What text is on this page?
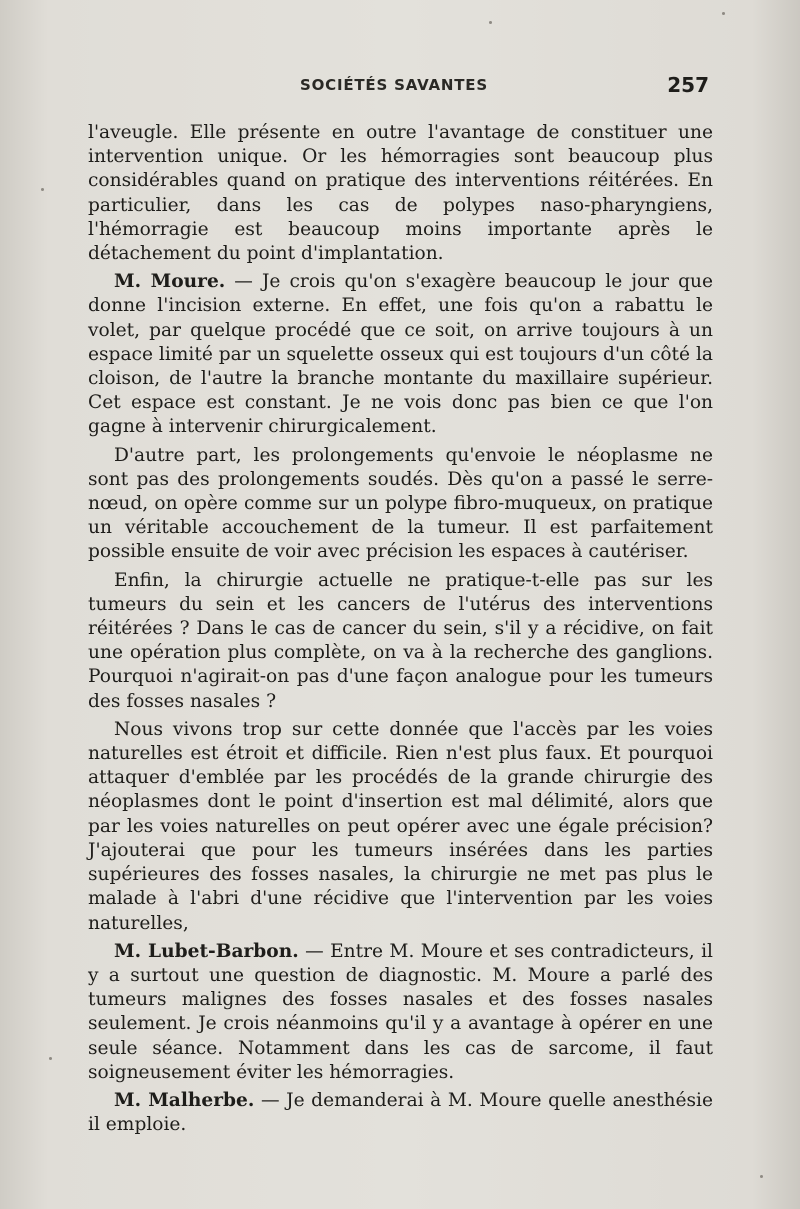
SOCIÉTÉS SAVANTES	257

l'aveugle. Elle présente en outre l'avantage de constituer une intervention unique. Or les hémorragies sont beaucoup plus considérables quand on pratique des interventions réitérées. En particulier, dans les cas de polypes naso-pharyngiens, l'hémorragie est beaucoup moins importante après le détachement du point d'implantation.

M. Moure. — Je crois qu'on s'exagère beaucoup le jour que donne l'incision externe. En effet, une fois qu'on a rabattu le volet, par quelque procédé que ce soit, on arrive toujours à un espace limité par un squelette osseux qui est toujours d'un côté la cloison, de l'autre la branche montante du maxillaire supérieur. Cet espace est constant. Je ne vois donc pas bien ce que l'on gagne à intervenir chirurgicalement.

D'autre part, les prolongements qu'envoie le néoplasme ne sont pas des prolongements soudés. Dès qu'on a passé le serre-nœud, on opère comme sur un polype fibro-muqueux, on pratique un véritable accouchement de la tumeur. Il est parfaitement possible ensuite de voir avec précision les espaces à cautériser.

Enfin, la chirurgie actuelle ne pratique-t-elle pas sur les tumeurs du sein et les cancers de l'utérus des interventions réitérées ? Dans le cas de cancer du sein, s'il y a récidive, on fait une opération plus complète, on va à la recherche des ganglions. Pourquoi n'agirait-on pas d'une façon analogue pour les tumeurs des fosses nasales ?

Nous vivons trop sur cette donnée que l'accès par les voies naturelles est étroit et difficile. Rien n'est plus faux. Et pourquoi attaquer d'emblée par les procédés de la grande chirurgie des néoplasmes dont le point d'insertion est mal délimité, alors que par les voies naturelles on peut opérer avec une égale précision? J'ajouterai que pour les tumeurs insérées dans les parties supérieures des fosses nasales, la chirurgie ne met pas plus le malade à l'abri d'une récidive que l'intervention par les voies naturelles,

M. Lubet-Barbon. — Entre M. Moure et ses contradicteurs, il y a surtout une question de diagnostic. M. Moure a parlé des tumeurs malignes des fosses nasales et des fosses nasales seulement. Je crois néanmoins qu'il y a avantage à opérer en une seule séance. Notamment dans les cas de sarcome, il faut soigneusement éviter les hémorragies.

M. Malherbe. — Je demanderai à M. Moure quelle anesthésie il emploie.
